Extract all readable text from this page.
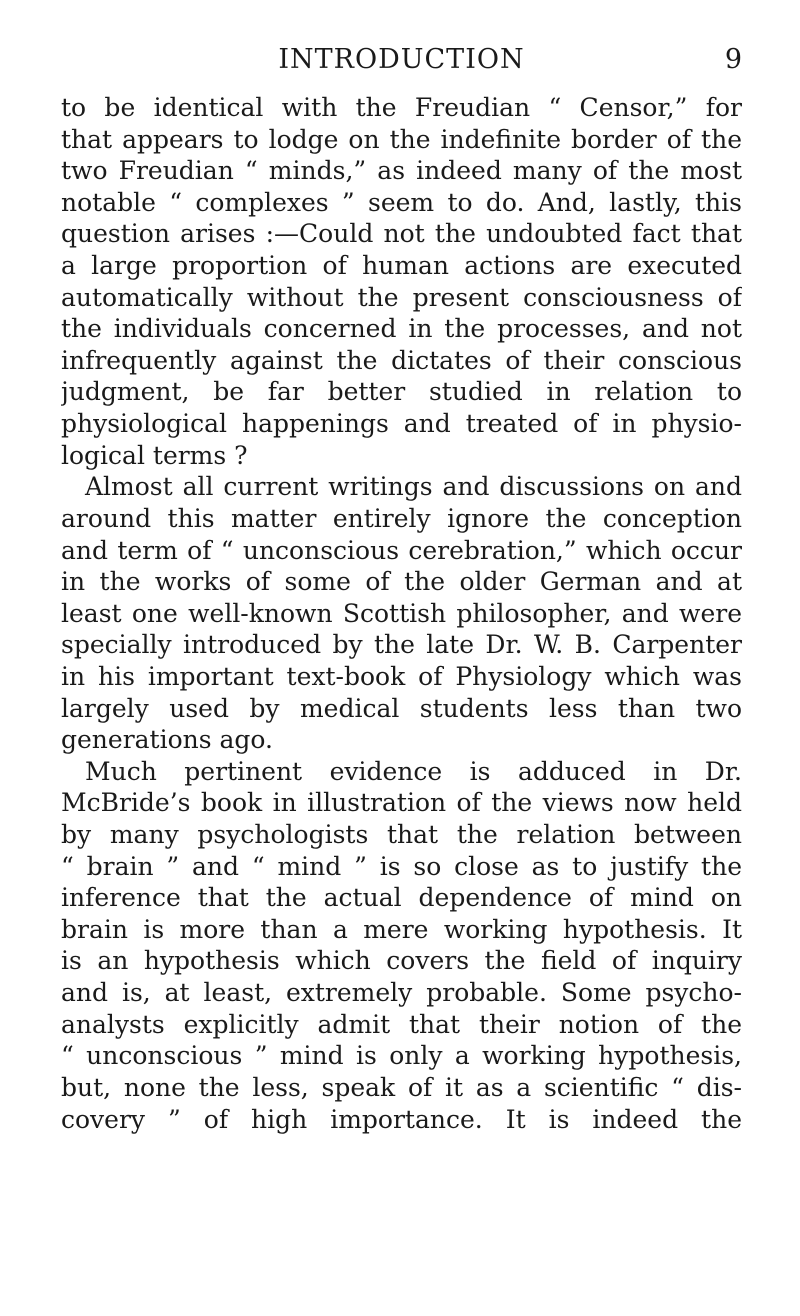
INTRODUCTION	9
to be identical with the Freudian “ Censor,” for
that appears to lodge on the indefinite border of the
two Freudian “ minds,” as indeed many of the most
notable “ complexes ” seem to do. And, lastly, this
question arises :—Could not the undoubted fact that
a large proportion of human actions are executed
automatically without the present consciousness of
the individuals concerned in the processes, and not
infrequently against the dictates of their conscious
judgment, be far better studied in relation to
physiological happenings and treated of in physio-
logical terms ?
Almost all current writings and discussions on and
around this matter entirely ignore the conception
and term of “ unconscious cerebration,” which occur
in the works of some of the older German and at
least one well-known Scottish philosopher, and were
specially introduced by the late Dr. W. B. Carpenter
in his important text-book of Physiology which was
largely used by medical students less than two
generations ago.
Much pertinent evidence is adduced in Dr.
McBride’s book in illustration of the views now held
by many psychologists that the relation between
“ brain ” and “ mind ” is so close as to justify the
inference that the actual dependence of mind on
brain is more than a mere working hypothesis. It
is an hypothesis which covers the field of inquiry
and is, at least, extremely probable. Some psycho-
analysts explicitly admit that their notion of the
“ unconscious ” mind is only a working hypothesis,
but, none the less, speak of it as a scientific “ dis-
covery ” of high importance. It is indeed the
